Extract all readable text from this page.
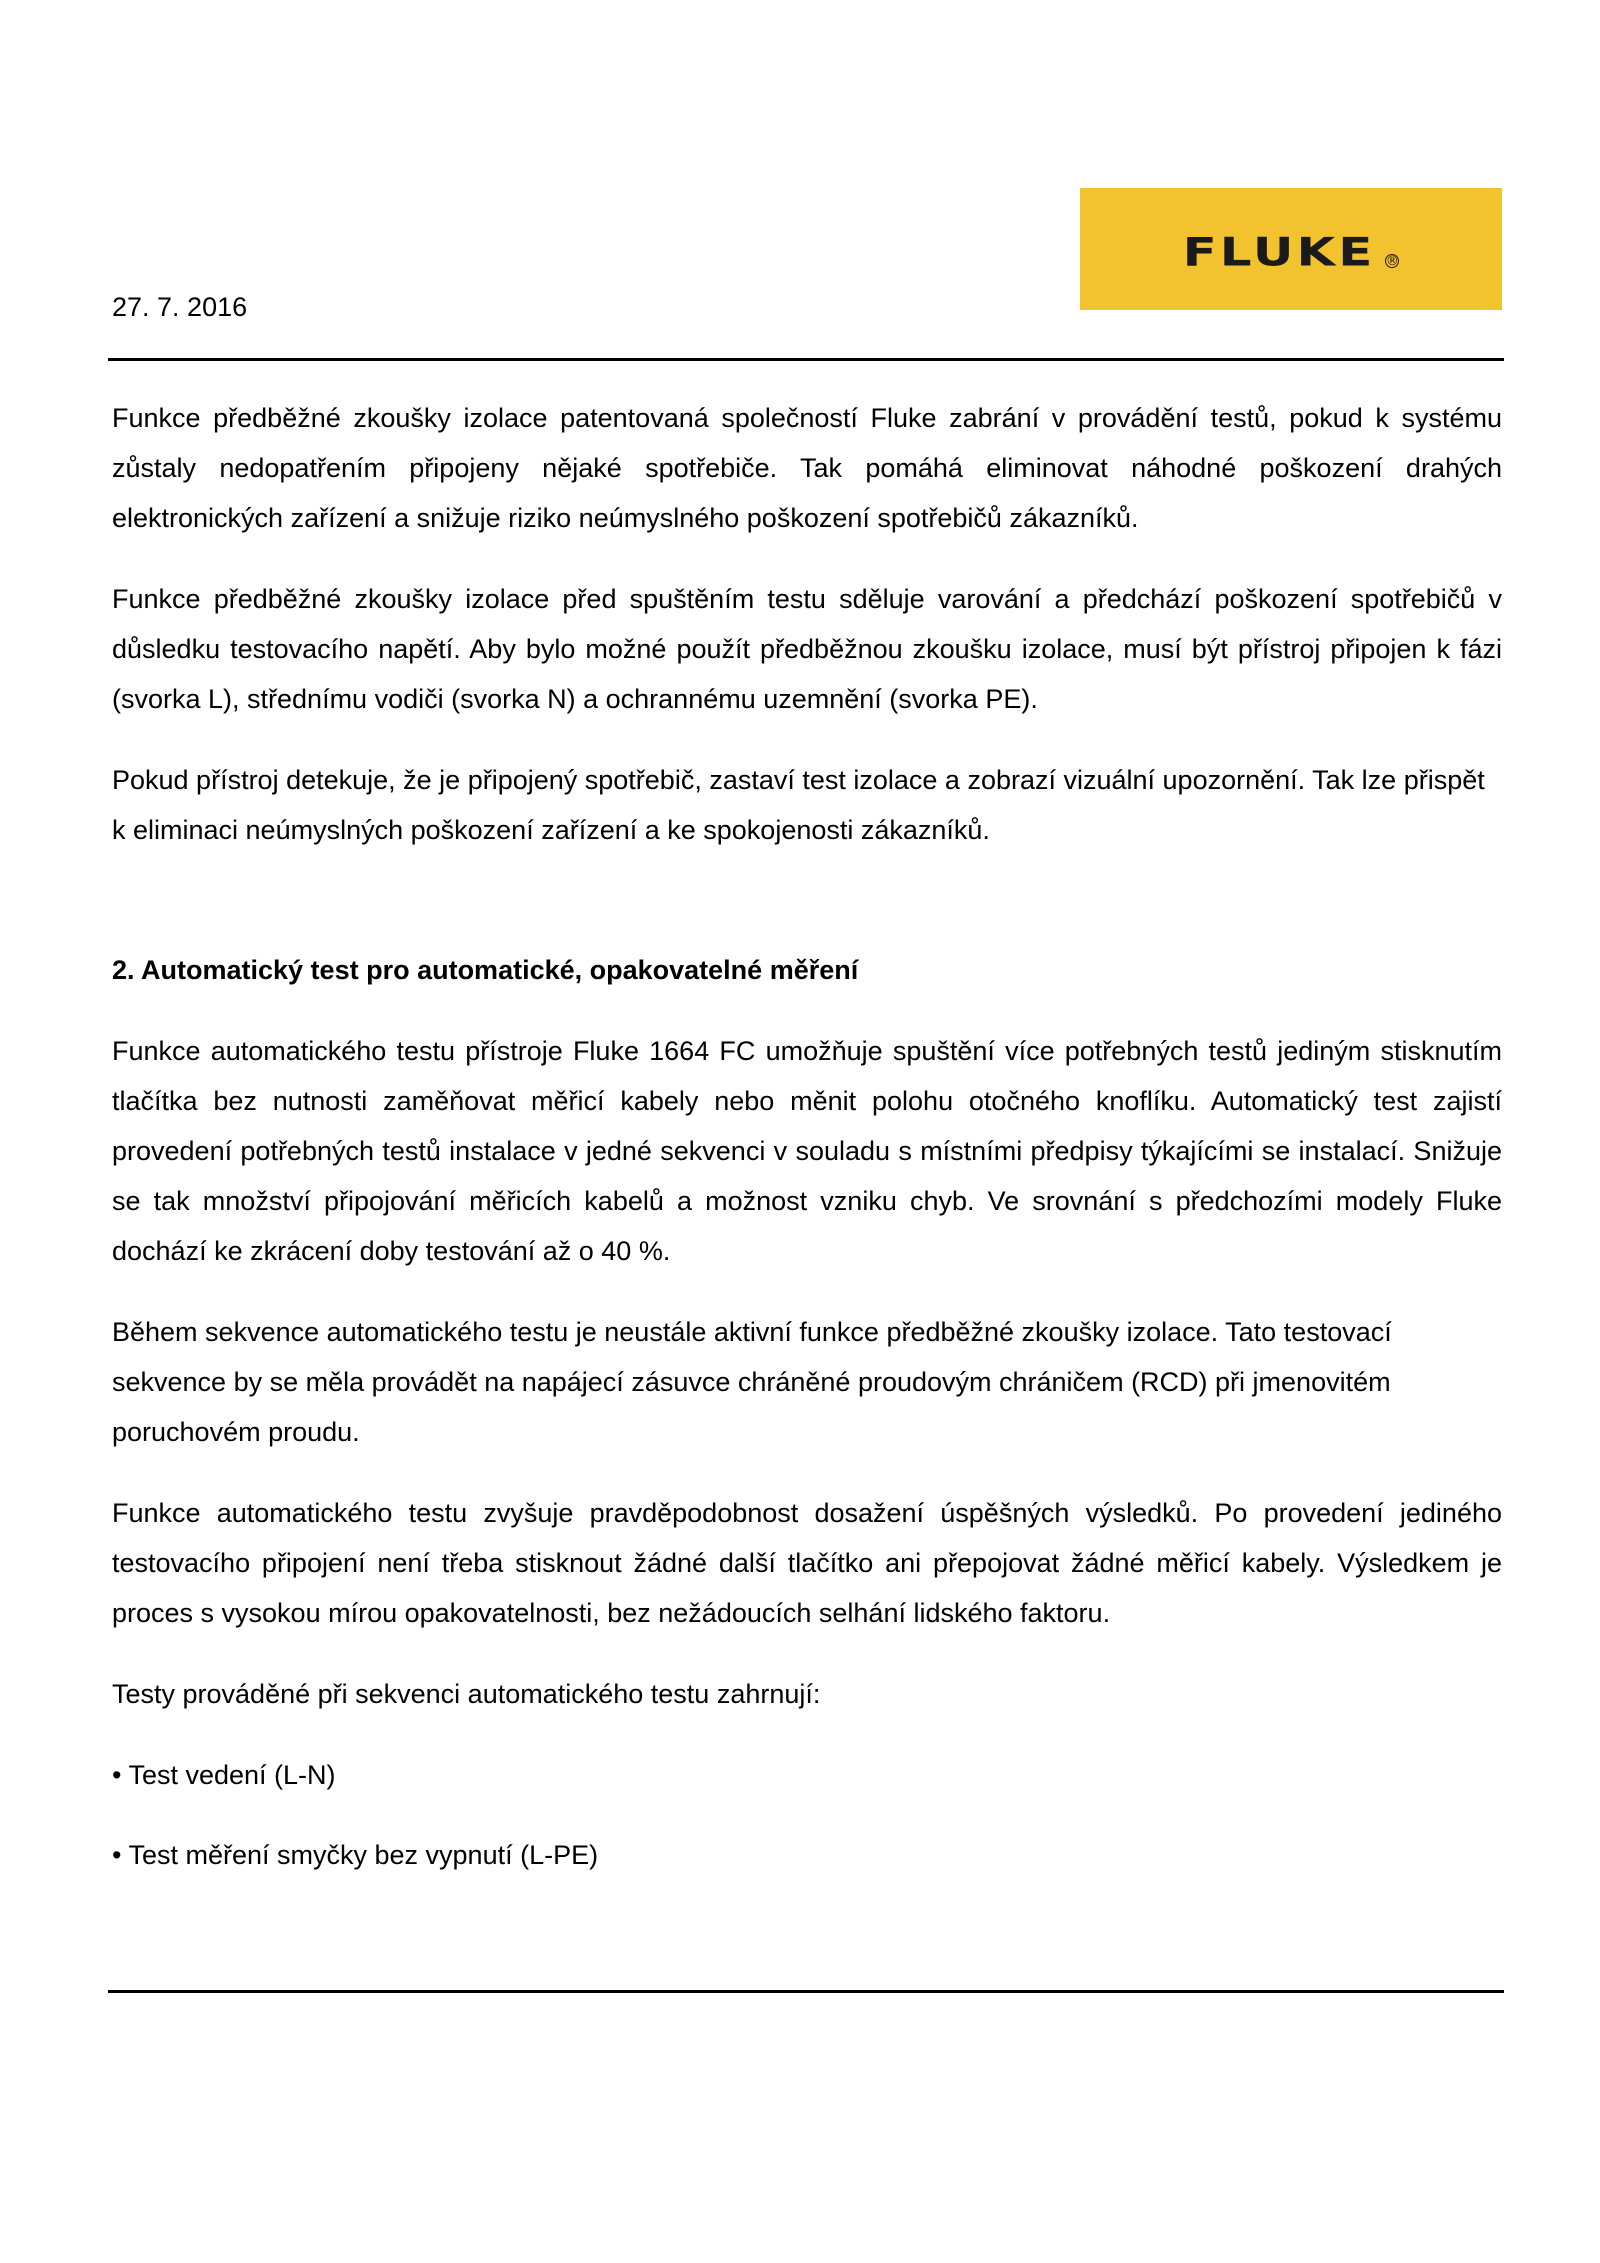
FLUKE ®
27. 7. 2016

Funkce předběžné zkoušky izolace patentovaná společností Fluke zabrání v provádění testů, pokud k systému zůstaly nedopatřením připojeny nějaké spotřebiče. Tak pomáhá eliminovat náhodné poškození drahých elektronických zařízení a snižuje riziko neúmyslného poškození spotřebičů zákazníků.

Funkce předběžné zkoušky izolace před spuštěním testu sděluje varování a předchází poškození spotřebičů v důsledku testovacího napětí. Aby bylo možné použít předběžnou zkoušku izolace, musí být přístroj připojen k fázi (svorka L), střednímu vodiči (svorka N) a ochrannému uzemnění (svorka PE).

Pokud přístroj detekuje, že je připojený spotřebič, zastaví test izolace a zobrazí vizuální upozornění. Tak lze přispět k eliminaci neúmyslných poškození zařízení a ke spokojenosti zákazníků.

2. Automatický test pro automatické, opakovatelné měření

Funkce automatického testu přístroje Fluke 1664 FC umožňuje spuštění více potřebných testů jediným stisknutím tlačítka bez nutnosti zaměňovat měřicí kabely nebo měnit polohu otočného knoflíku. Automatický test zajistí provedení potřebných testů instalace v jedné sekvenci v souladu s místními předpisy týkajícími se instalací. Snižuje se tak množství připojování měřicích kabelů a možnost vzniku chyb. Ve srovnání s předchozími modely Fluke dochází ke zkrácení doby testování až o 40 %.

Během sekvence automatického testu je neustále aktivní funkce předběžné zkoušky izolace. Tato testovací sekvence by se měla provádět na napájecí zásuvce chráněné proudovým chráničem (RCD) při jmenovitém poruchovém proudu.

Funkce automatického testu zvyšuje pravděpodobnost dosažení úspěšných výsledků. Po provedení jediného testovacího připojení není třeba stisknout žádné další tlačítko ani přepojovat žádné měřicí kabely. Výsledkem je proces s vysokou mírou opakovatelnosti, bez nežádoucích selhání lidského faktoru.

Testy prováděné při sekvenci automatického testu zahrnují:

• Test vedení (L-N)

• Test měření smyčky bez vypnutí (L-PE)
